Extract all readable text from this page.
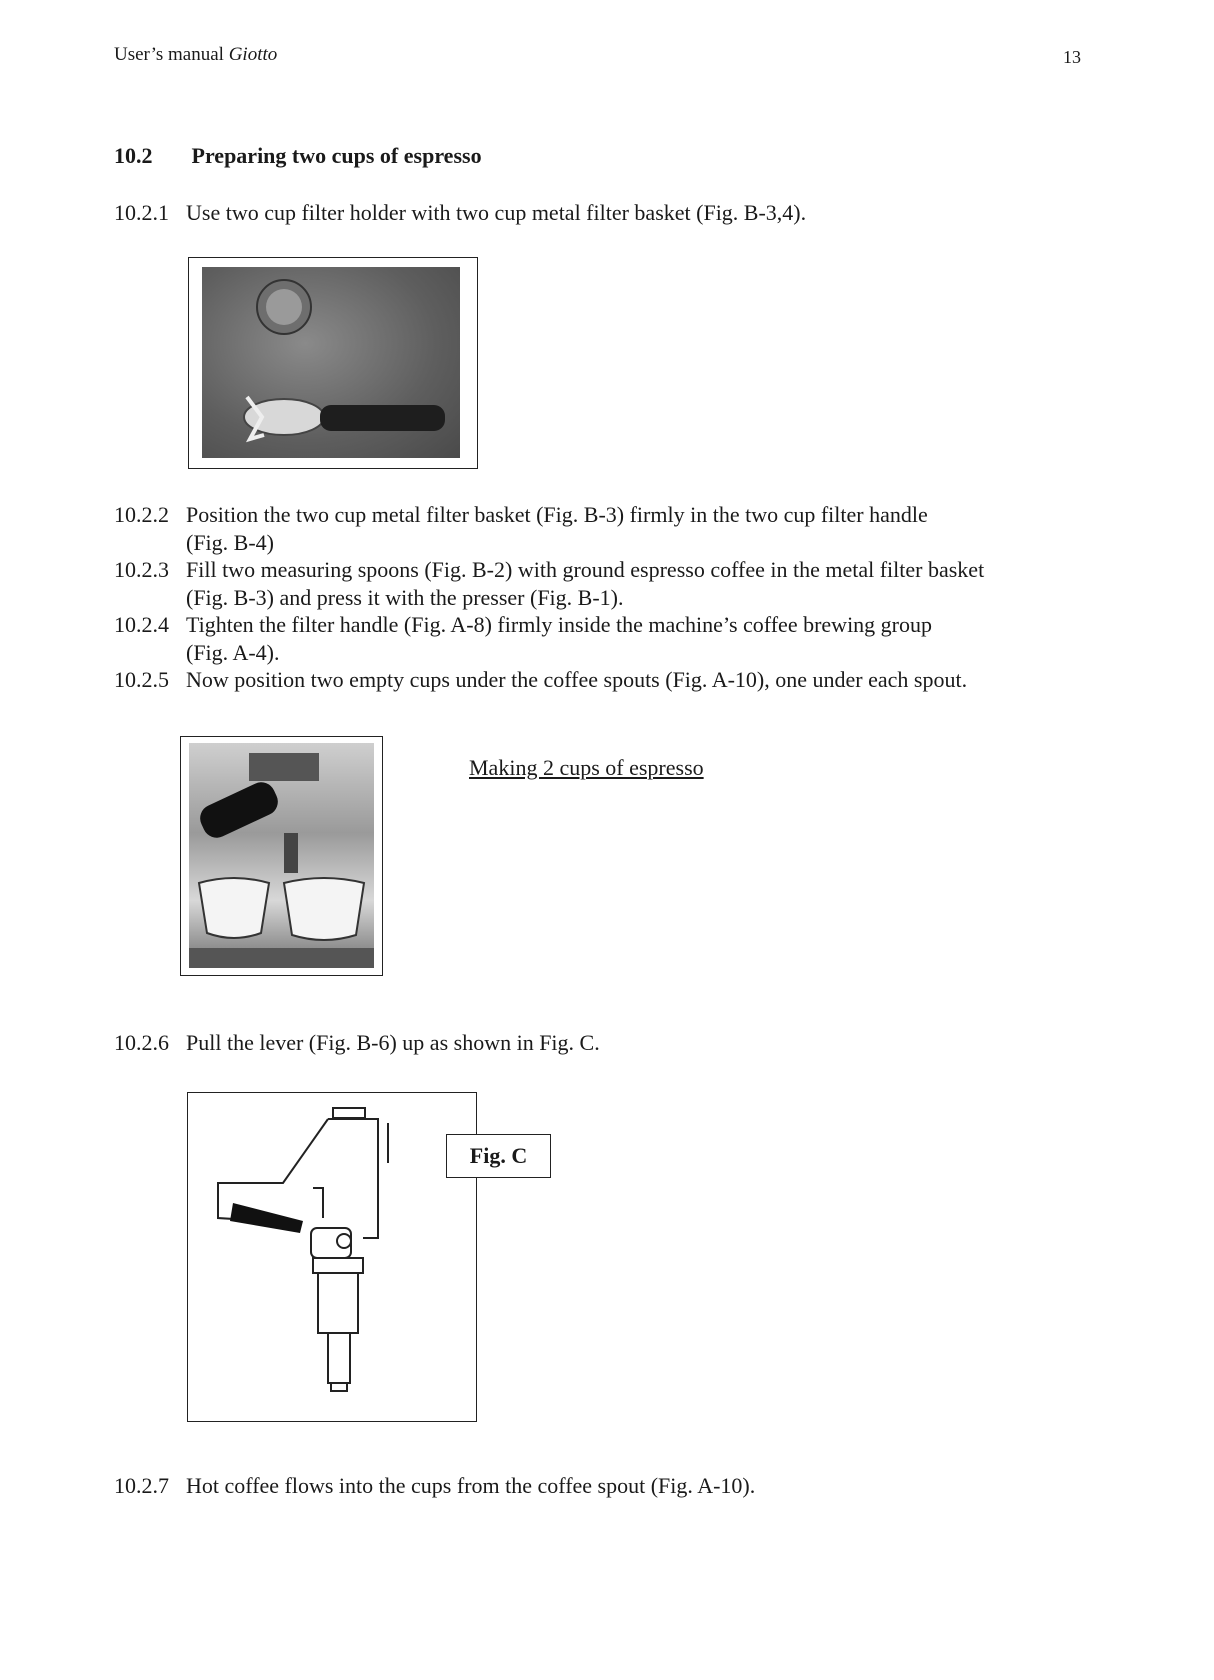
User’s manual Giotto	13
10.2 Preparing two cups of espresso
10.2.1 Use two cup filter holder with two cup metal filter basket (Fig. B-3,4).
10.2.2 Position the two cup metal filter basket (Fig. B-3) firmly in the two cup filter handle
(Fig. B-4)
10.2.3 Fill two measuring spoons (Fig. B-2) with ground espresso coffee in the metal filter basket
(Fig. B-3) and press it with the presser (Fig. B-1).
10.2.4 Tighten the filter handle (Fig. A-8) firmly inside the machine’s coffee brewing group
(Fig. A-4).
10.2.5 Now position two empty cups under the coffee spouts (Fig. A-10), one under each spout.
Making 2 cups of espresso
10.2.6 Pull the lever (Fig. B-6) up as shown in Fig. C.
Fig. C
10.2.7 Hot coffee flows into the cups from the coffee spout (Fig. A-10).
